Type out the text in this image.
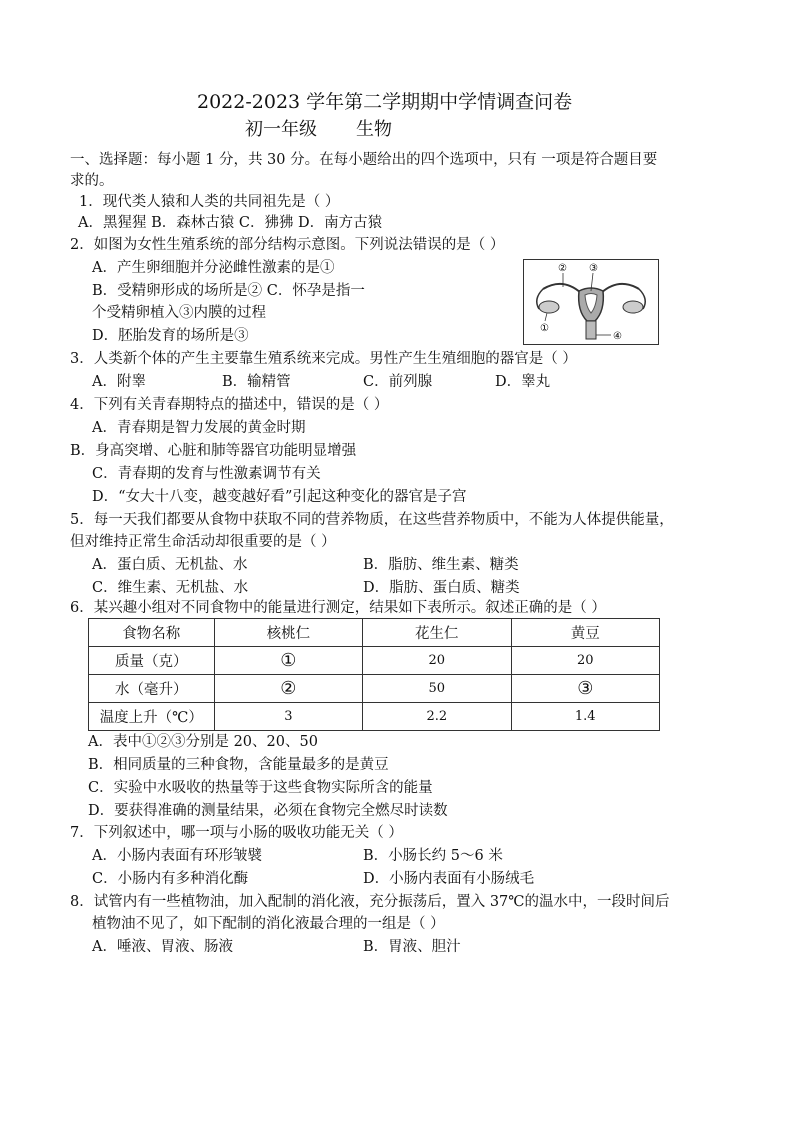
2022-2023 学年第二学期期中学情调查问卷
初一年级 生物
一、选择题：每小题 1 分，共 30 分。在每小题给出的四个选项中，只有 一项是符合题目要
求的。
1．现代类人猿和人类的共同祖先是（ ）
A．黑猩猩 B．森林古猿 C．狒狒 D．南方古猿
2．如图为女性生殖系统的部分结构示意图。下列说法错误的是（ ）
A．产生卵细胞并分泌雌性激素的是①
B．受精卵形成的场所是② C．怀孕是指一
个受精卵植入③内膜的过程
D．胚胎发育的场所是③
② ③
①
④
3．人类新个体的产生主要靠生殖系统来完成。男性产生生殖细胞的器官是（ ）
A．附睾	B．输精管	C．前列腺	D．睾丸
4．下列有关青春期特点的描述中，错误的是（ ）
A．青春期是智力发展的黄金时期
B．身高突增、心脏和肺等器官功能明显增强
C．青春期的发育与性激素调节有关
D．“女大十八变，越变越好看”引起这种变化的器官是子宫
5．每一天我们都要从食物中获取不同的营养物质，在这些营养物质中，不能为人体提供能量，
但对维持正常生命活动却很重要的是（ ）
A．蛋白质、无机盐、水	B．脂肪、维生素、糖类
C．维生素、无机盐、水	D．脂肪、蛋白质、糖类
6．某兴趣小组对不同食物中的能量进行测定，结果如下表所示。叙述正确的是（ ）
食物名称	核桃仁	花生仁	黄豆
质量（克）	①	20	20
水（毫升）	②	50	③
温度上升（℃）	3	2.2	1.4
A．表中①②③分别是 20、20、50
B．相同质量的三种食物，含能量最多的是黄豆
C．实验中水吸收的热量等于这些食物实际所含的能量
D．要获得准确的测量结果，必须在食物完全燃尽时读数
7．下列叙述中，哪一项与小肠的吸收功能无关（ ）
A．小肠内表面有环形皱襞	B．小肠长约 5～6 米
C．小肠内有多种消化酶	D．小肠内表面有小肠绒毛
8．试管内有一些植物油，加入配制的消化液，充分振荡后，置入 37℃的温水中，一段时间后
植物油不见了，如下配制的消化液最合理的一组是（ ）
A．唾液、胃液、肠液	B．胃液、胆汁
